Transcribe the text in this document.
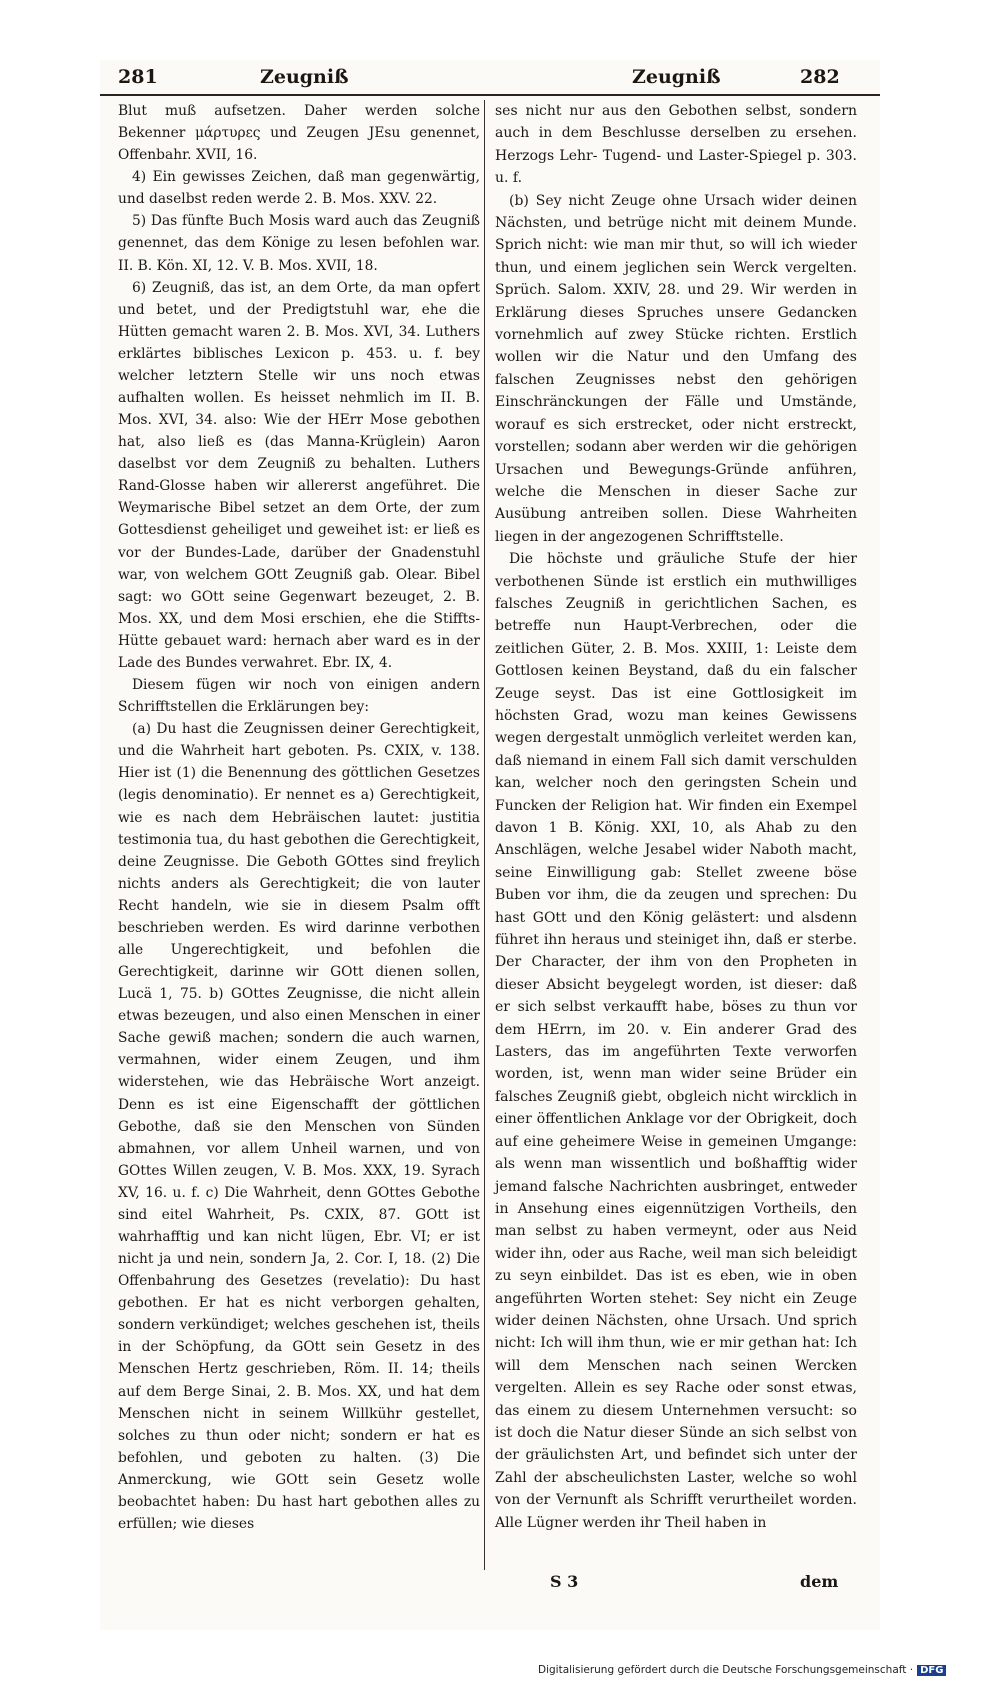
281	Zeugniß	Zeugniß	282

Blut muß aufsetzen. Daher werden solche Bekenner μάρτυρες und Zeugen JEsu genennet, Offenbahr. XVII, 16.

4) Ein gewisses Zeichen, daß man gegenwärtig, und daselbst reden werde 2. B. Mos. XXV. 22.

5) Das fünfte Buch Mosis ward auch das Zeugniß genennet, das dem Könige zu lesen befohlen war. II. B. Kön. XI, 12. V. B. Mos. XVII, 18.

6) Zeugniß, das ist, an dem Orte, da man opfert und betet, und der Predigtstuhl war, ehe die Hütten gemacht waren 2. B. Mos. XVI, 34. Luthers erklärtes biblisches Lexicon p. 453. u. f. bey welcher letztern Stelle wir uns noch etwas aufhalten wollen. Es heisset nehmlich im II. B. Mos. XVI, 34. also: Wie der HErr Mose gebothen hat, also ließ es (das Manna-Krüglein) Aaron daselbst vor dem Zeugniß zu behalten. Luthers Rand-Glosse haben wir allererst angeführet. Die Weymarische Bibel setzet an dem Orte, der zum Gottesdienst geheiliget und geweihet ist: er ließ es vor der Bundes-Lade, darüber der Gnadenstuhl war, von welchem GOtt Zeugniß gab. Olear. Bibel sagt: wo GOtt seine Gegenwart bezeuget, 2. B. Mos. XX, und dem Mosi erschien, ehe die Stiffts-Hütte gebauet ward: hernach aber ward es in der Lade des Bundes verwahret. Ebr. IX, 4.

Diesem fügen wir noch von einigen andern Schrifftstellen die Erklärungen bey:

(a) Du hast die Zeugnissen deiner Gerechtigkeit, und die Wahrheit hart geboten. Ps. CXIX, v. 138. Hier ist (1) die Benennung des göttlichen Gesetzes (legis denominatio). Er nennet es a) Gerechtigkeit, wie es nach dem Hebräischen lautet: justitia testimonia tua, du hast gebothen die Gerechtigkeit, deine Zeugnisse. Die Geboth GOttes sind freylich nichts anders als Gerechtigkeit; die von lauter Recht handeln, wie sie in diesem Psalm offt beschrieben werden. Es wird darinne verbothen alle Ungerechtigkeit, und befohlen die Gerechtigkeit, darinne wir GOtt dienen sollen, Lucä 1, 75. b) GOttes Zeugnisse, die nicht allein etwas bezeugen, und also einen Menschen in einer Sache gewiß machen; sondern die auch warnen, vermahnen, wider einem Zeugen, und ihm widerstehen, wie das Hebräische Wort anzeigt. Denn es ist eine Eigenschafft der göttlichen Gebothe, daß sie den Menschen von Sünden abmahnen, vor allem Unheil warnen, und von GOttes Willen zeugen, V. B. Mos. XXX, 19. Syrach XV, 16. u. f. c) Die Wahrheit, denn GOttes Gebothe sind eitel Wahrheit, Ps. CXIX, 87. GOtt ist wahrhafftig und kan nicht lügen, Ebr. VI; er ist nicht ja und nein, sondern Ja, 2. Cor. I, 18. (2) Die Offenbahrung des Gesetzes (revelatio): Du hast gebothen. Er hat es nicht verborgen gehalten, sondern verkündiget; welches geschehen ist, theils in der Schöpfung, da GOtt sein Gesetz in des Menschen Hertz geschrieben, Röm. II. 14; theils auf dem Berge Sinai, 2. B. Mos. XX, und hat dem Menschen nicht in seinem Willkühr gestellet, solches zu thun oder nicht; sondern er hat es befohlen, und geboten zu halten. (3) Die Anmerckung, wie GOtt sein Gesetz wolle beobachtet haben: Du hast hart gebothen alles zu erfüllen; wie dieses

ses nicht nur aus den Gebothen selbst, sondern auch in dem Beschlusse derselben zu ersehen. Herzogs Lehr- Tugend- und Laster-Spiegel p. 303. u. f.

(b) Sey nicht Zeuge ohne Ursach wider deinen Nächsten, und betrüge nicht mit deinem Munde. Sprich nicht: wie man mir thut, so will ich wieder thun, und einem jeglichen sein Werck vergelten. Sprüch. Salom. XXIV, 28. und 29. Wir werden in Erklärung dieses Spruches unsere Gedancken vornehmlich auf zwey Stücke richten. Erstlich wollen wir die Natur und den Umfang des falschen Zeugnisses nebst den gehörigen Einschränckungen der Fälle und Umstände, worauf es sich erstrecket, oder nicht erstreckt, vorstellen; sodann aber werden wir die gehörigen Ursachen und Bewegungs-Gründe anführen, welche die Menschen in dieser Sache zur Ausübung antreiben sollen. Diese Wahrheiten liegen in der angezogenen Schrifftstelle.

Die höchste und gräuliche Stufe der hier verbothenen Sünde ist erstlich ein muthwilliges falsches Zeugniß in gerichtlichen Sachen, es betreffe nun Haupt-Verbrechen, oder die zeitlichen Güter, 2. B. Mos. XXIII, 1: Leiste dem Gottlosen keinen Beystand, daß du ein falscher Zeuge seyst. Das ist eine Gottlosigkeit im höchsten Grad, wozu man keines Gewissens wegen dergestalt unmöglich verleitet werden kan, daß niemand in einem Fall sich damit verschulden kan, welcher noch den geringsten Schein und Funcken der Religion hat. Wir finden ein Exempel davon 1 B. König. XXI, 10, als Ahab zu den Anschlägen, welche Jesabel wider Naboth macht, seine Einwilligung gab: Stellet zweene böse Buben vor ihm, die da zeugen und sprechen: Du hast GOtt und den König gelästert: und alsdenn führet ihn heraus und steiniget ihn, daß er sterbe. Der Character, der ihm von den Propheten in dieser Absicht beygelegt worden, ist dieser: daß er sich selbst verkaufft habe, böses zu thun vor dem HErrn, im 20. v. Ein anderer Grad des Lasters, das im angeführten Texte verworfen worden, ist, wenn man wider seine Brüder ein falsches Zeugniß giebt, obgleich nicht wircklich in einer öffentlichen Anklage vor der Obrigkeit, doch auf eine geheimere Weise in gemeinen Umgange: als wenn man wissentlich und boßhafftig wider jemand falsche Nachrichten ausbringet, entweder in Ansehung eines eigennützigen Vortheils, den man selbst zu haben vermeynt, oder aus Neid wider ihn, oder aus Rache, weil man sich beleidigt zu seyn einbildet. Das ist es eben, wie in oben angeführten Worten stehet: Sey nicht ein Zeuge wider deinen Nächsten, ohne Ursach. Und sprich nicht: Ich will ihm thun, wie er mir gethan hat: Ich will dem Menschen nach seinen Wercken vergelten. Allein es sey Rache oder sonst etwas, das einem zu diesem Unternehmen versucht: so ist doch die Natur dieser Sünde an sich selbst von der gräulichsten Art, und befindet sich unter der Zahl der abscheulichsten Laster, welche so wohl von der Vernunft als Schrifft verurtheilet worden. Alle Lügner werden ihr Theil haben in

S 3	dem
Digitalisierung gefördert durch die Deutsche Forschungsgemeinschaft · DFG
